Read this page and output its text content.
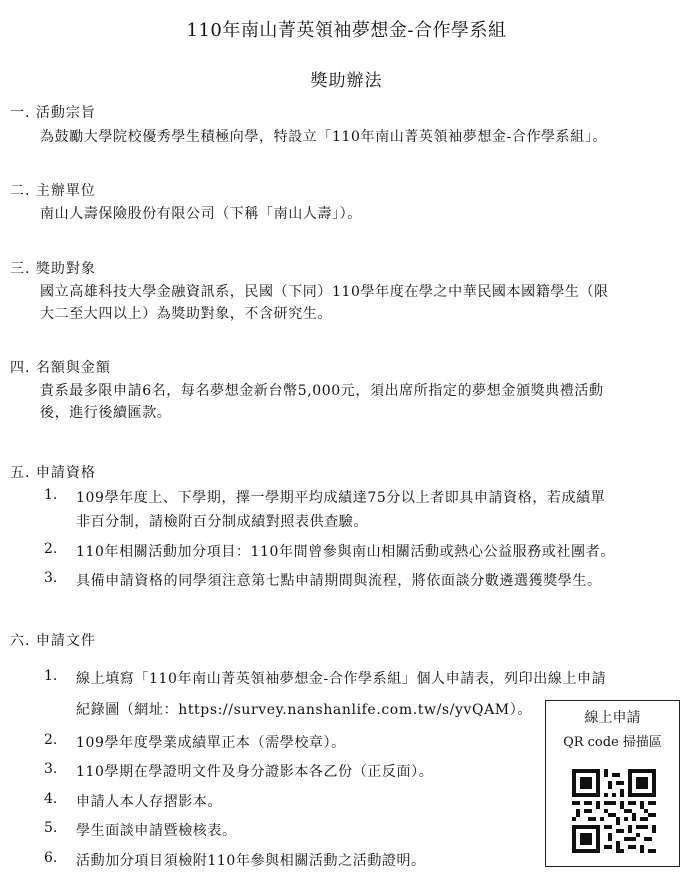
110年南山菁英領袖夢想金-合作學系組
獎助辦法
一. 活動宗旨
為鼓勵大學院校優秀學生積極向學，特設立「110年南山菁英領袖夢想金-合作學系組」。
二. 主辦單位
南山人壽保險股份有限公司（下稱「南山人壽」）。
三. 獎助對象
國立高雄科技大學金融資訊系，民國（下同）110學年度在學之中華民國本國籍學生（限
大二至大四以上）為獎助對象，不含研究生。
四. 名額與金額
貴系最多限申請6名，每名夢想金新台幣5,000元，須出席所指定的夢想金頒獎典禮活動
後，進行後續匯款。
五. 申請資格
1. 109學年度上、下學期，擇一學期平均成績達75分以上者即具申請資格，若成績單
非百分制，請檢附百分制成績對照表供查驗。
2. 110年相關活動加分項目：110年間曾參與南山相關活動或熱心公益服務或社團者。
3. 具備申請資格的同學須注意第七點申請期間與流程，將依面談分數遴選獲獎學生。
六. 申請文件
1. 線上填寫「110年南山菁英領袖夢想金-合作學系組」個人申請表，列印出線上申請
紀錄圖（網址：https://survey.nanshanlife.com.tw/s/yvQAM）。
2. 109學年度學業成績單正本（需學校章）。
3. 110學期在學證明文件及身分證影本各乙份（正反面）。
4. 申請人本人存摺影本。
5. 學生面談申請暨檢核表。
6. 活動加分項目須檢附110年參與相關活動之活動證明。
線上申請
QR code 掃描區
